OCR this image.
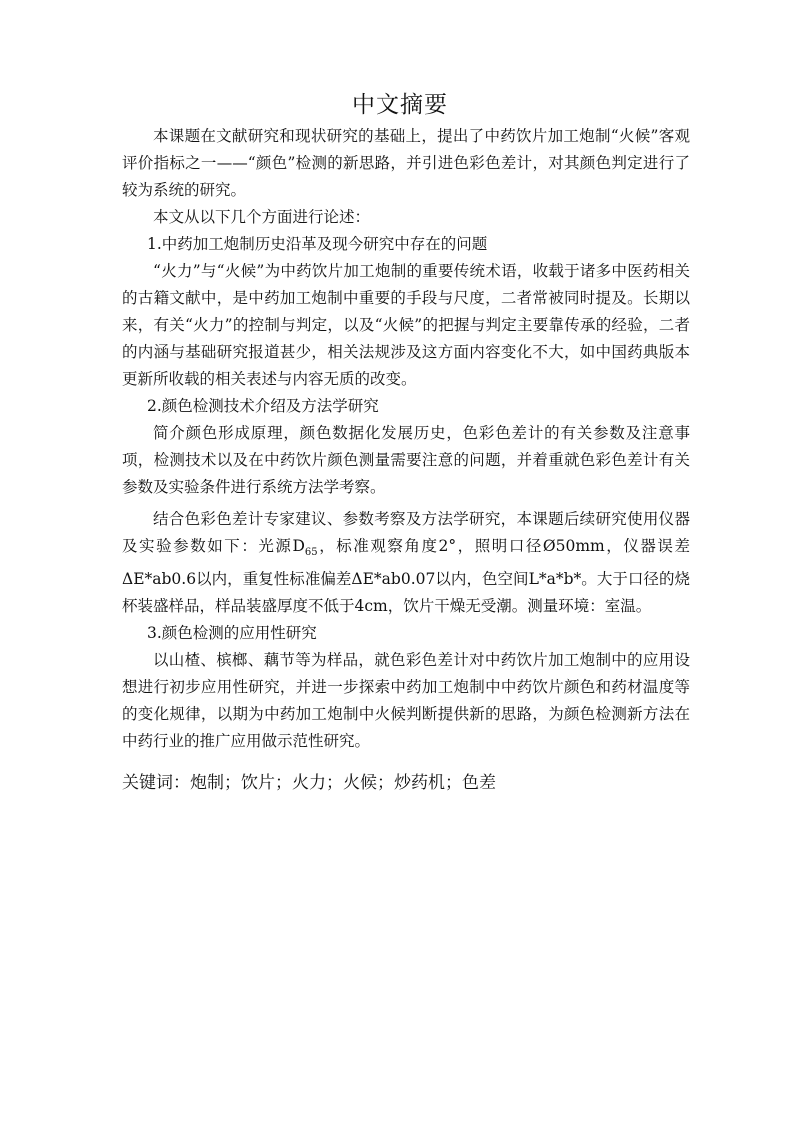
中文摘要

本课题在文献研究和现状研究的基础上，提出了中药饮片加工炮制“火候”客观评价指标之一——“颜色”检测的新思路，并引进色彩色差计，对其颜色判定进行了较为系统的研究。

本文从以下几个方面进行论述：

1.中药加工炮制历史沿革及现今研究中存在的问题

“火力”与“火候”为中药饮片加工炮制的重要传统术语，收载于诸多中医药相关的古籍文献中，是中药加工炮制中重要的手段与尺度，二者常被同时提及。长期以来，有关“火力”的控制与判定，以及“火候”的把握与判定主要靠传承的经验，二者的内涵与基础研究报道甚少，相关法规涉及这方面内容变化不大，如中国药典版本更新所收载的相关表述与内容无质的改变。

2.颜色检测技术介绍及方法学研究

简介颜色形成原理，颜色数据化发展历史，色彩色差计的有关参数及注意事项，检测技术以及在中药饮片颜色测量需要注意的问题，并着重就色彩色差计有关参数及实验条件进行系统方法学考察。

结合色彩色差计专家建议、参数考察及方法学研究，本课题后续研究使用仪器及实验参数如下：光源$D_{65}$，标准观察角度2°，照明口径Ø50mm，仪器误差ΔE*ab0.6以内，重复性标准偏差ΔE*ab0.07以内，色空间L*a*b*。大于口径的烧杯装盛样品，样品装盛厚度不低于4cm，饮片干燥无受潮。测量环境：室温。

3.颜色检测的应用性研究

以山楂、槟榔、藕节等为样品，就色彩色差计对中药饮片加工炮制中的应用设想进行初步应用性研究，并进一步探索中药加工炮制中中药饮片颜色和药材温度等的变化规律，以期为中药加工炮制中火候判断提供新的思路，为颜色检测新方法在中药行业的推广应用做示范性研究。

关键词：炮制；饮片；火力；火候；炒药机；色差
